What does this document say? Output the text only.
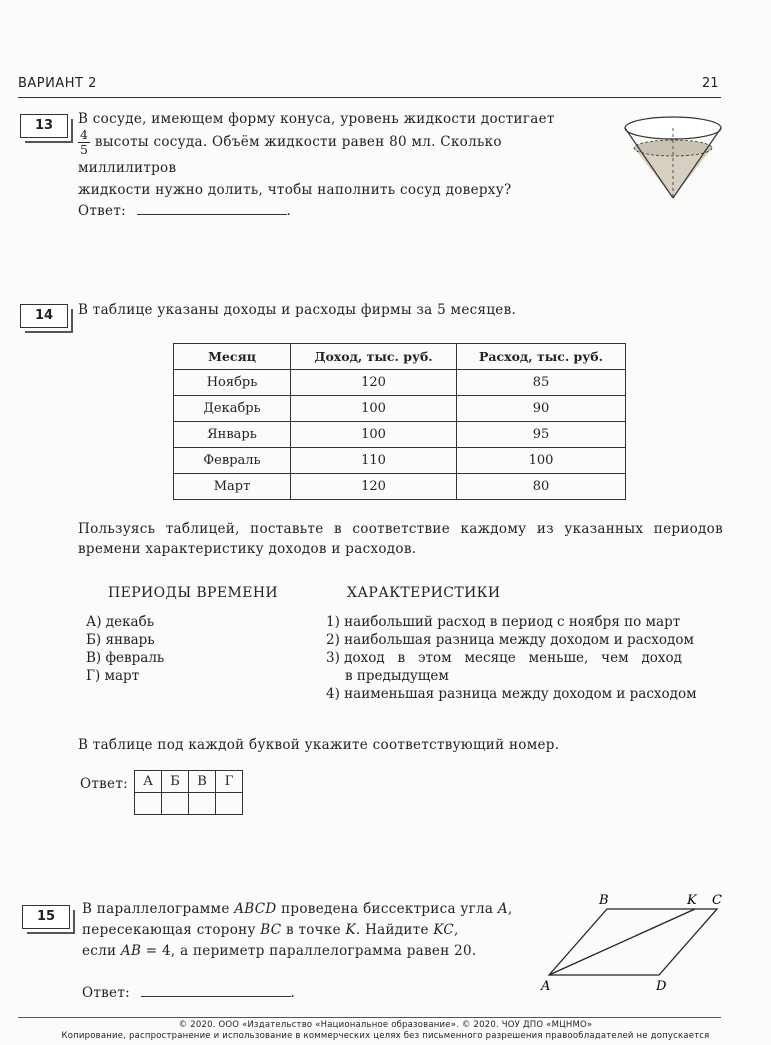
ВАРИАНТ 2	21
13	В сосуде, имеющем форму конуса, уровень жидкости достигает
$\frac{4}{5}$ высоты сосуда. Объём жидкости равен 80 мл. Сколько миллилитров
жидкости нужно долить, чтобы наполнить сосуд доверху?
Ответ:	.
14	В таблице указаны доходы и расходы фирмы за 5 месяцев.
Месяц	Доход, тыс. руб.	Расход, тыс. руб.
Ноябрь	120	85
Декабрь	100	90
Январь	100	95
Февраль	110	100
Март	120	80
Пользуясь таблицей, поставьте в соответствие каждому из указанных периодов
времени характеристику доходов и расходов.
ПЕРИОДЫ ВРЕМЕНИ
А) декабь
Б) январь
В) февраль
Г) март
ХАРАКТЕРИСТИКИ
1) наибольший расход в период с ноября по март
2) наибольшая разница между доходом и расходом
3) доход   в   этом   месяце   меньше,   чем   доход
в предыдущем
4) наименьшая разница между доходом и расходом
В таблице под каждой буквой укажите соответствующий номер.
Ответ: А	Б	В	Г

15	В параллелограмме ABCD проведена биссектриса угла A,
пересекающая сторону BC в точке K. Найдите KC,
если AB = 4, а периметр параллелограмма равен 20.
Ответ:	.
B	K C
A	D
© 2020. ООО «Издательство «Национальное образование». © 2020. ЧОУ ДПО «МЦНМО»
Копирование, распространение и использование в коммерческих целях без письменного разрешения правообладателей не допускается
